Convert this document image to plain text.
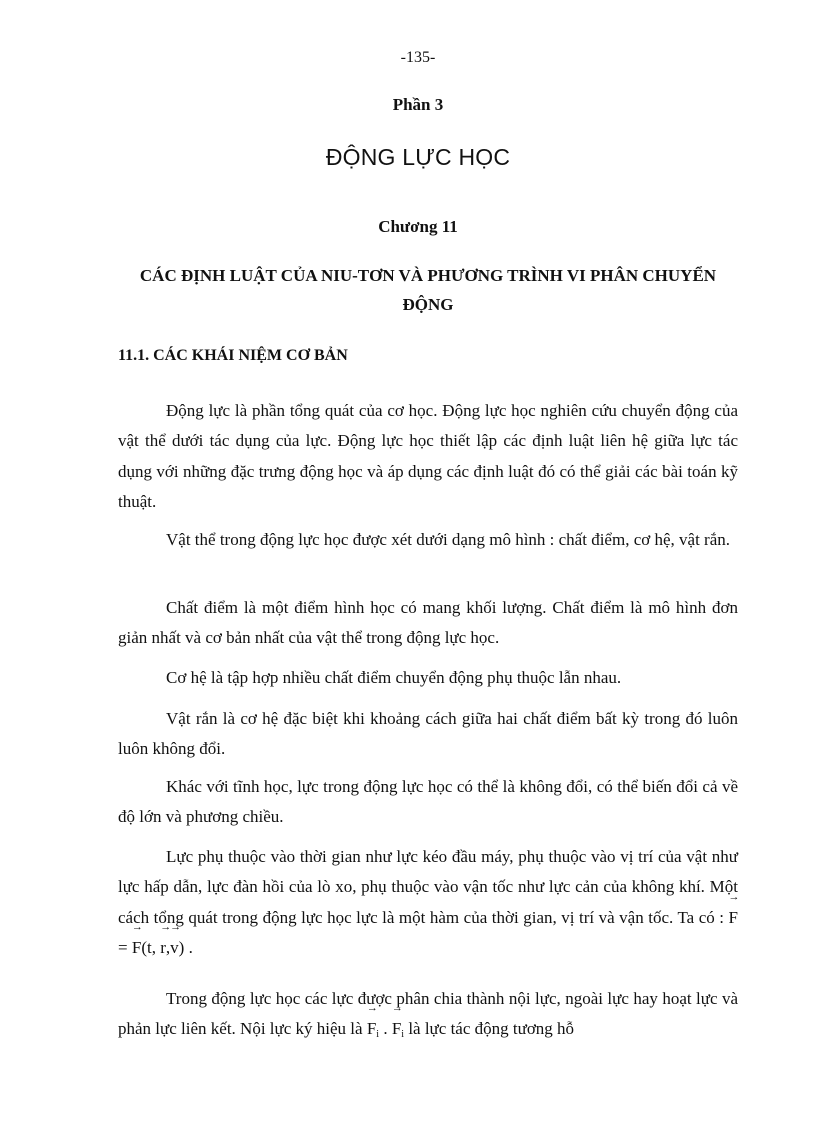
-135-
Phần 3
ĐỘNG LỰC HỌC
Chương 11
CÁC ĐỊNH LUẬT CỦA NIU-TƠN VÀ PHƯƠNG TRÌNH VI PHÂN CHUYỂN ĐỘNG
11.1. CÁC KHÁI NIỆM CƠ BẢN

Động lực là phần tổng quát của cơ học. Động lực học nghiên cứu chuyển động của vật thể dưới tác dụng của lực. Động lực học thiết lập các định luật liên hệ giữa lực tác dụng với những đặc trưng động học và áp dụng các định luật đó có thể giải các bài toán kỹ thuật.

Vật thể trong động lực học được xét dưới dạng mô hình : chất điểm, cơ hệ, vật rắn.

Chất điểm là một điểm hình học có mang khối lượng. Chất điểm là mô hình đơn giản nhất và cơ bản nhất của vật thể trong động lực học.

Cơ hệ là tập hợp nhiều chất điểm chuyển động phụ thuộc lẫn nhau.

Vật rắn là cơ hệ đặc biệt khi khoảng cách giữa hai chất điểm bất kỳ trong đó luôn luôn không đổi.

Khác với tĩnh học, lực trong động lực học có thể là không đổi, có thể biến đổi cả về độ lớn và phương chiều.

Lực phụ thuộc vào thời gian như lực kéo đầu máy, phụ thuộc vào vị trí của vật như lực hấp dẫn, lực đàn hồi của lò xo, phụ thuộc vào vận tốc như lực cản của không khí. Một cách tổng quát trong động lực học lực là một hàm của thời gian, vị trí và vận tốc. Ta có : → F = → F(t, → r,→ v) .

Trong động lực học các lực được phân chia thành nội lực, ngoài lực hay hoạt lực và phản lực liên kết. Nội lực ký hiệu là → $F_i$ . → $F_i$ là lực tác động tương hỗ
